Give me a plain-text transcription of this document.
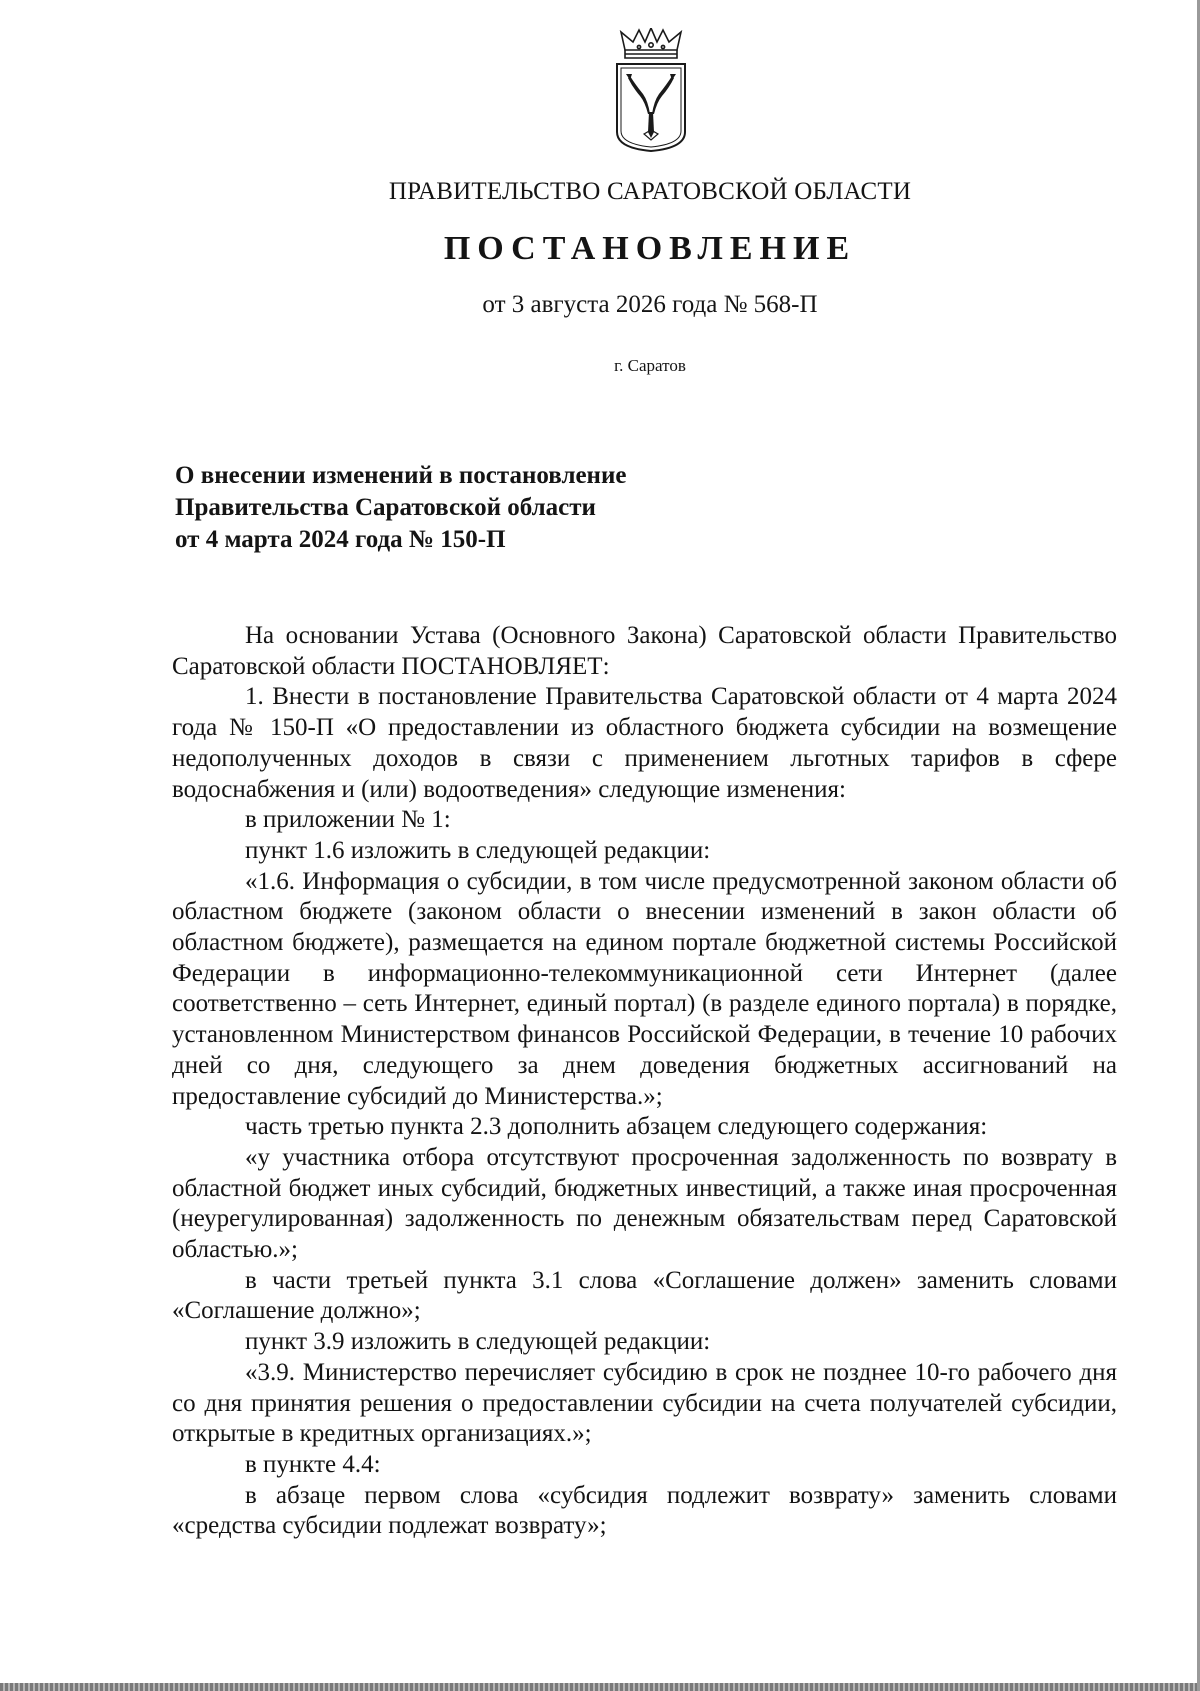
ПРАВИТЕЛЬСТВО САРАТОВСКОЙ ОБЛАСТИ
ПОСТАНОВЛЕНИЕ
от 3 августа 2026 года № 568-П
г. Саратов
О внесении изменений в постановление
Правительства Саратовской области
от 4 марта 2024 года № 150-П

На основании Устава (Основного Закона) Саратовской области Правительство Саратовской области ПОСТАНОВЛЯЕТ:

1. Внести в постановление Правительства Саратовской области от 4 марта 2024 года № 150-П «О предоставлении из областного бюджета субсидии на возмещение недополученных доходов в связи с применением льготных тарифов в сфере водоснабжения и (или) водоотведения» следующие изменения:

в приложении № 1:

пункт 1.6 изложить в следующей редакции:

«1.6. Информация о субсидии, в том числе предусмотренной законом области об областном бюджете (законом области о внесении изменений в закон области об областном бюджете), размещается на едином портале бюджетной системы Российской Федерации в информационно-телекоммуникационной сети Интернет (далее соответственно – сеть Интернет, единый портал) (в разделе единого портала) в порядке, установленном Министерством финансов Российской Федерации, в течение 10 рабочих дней со дня, следующего за днем доведения бюджетных ассигнований на предоставление субсидий до Министерства.»;

часть третью пункта 2.3 дополнить абзацем следующего содержания:

«у участника отбора отсутствуют просроченная задолженность по возврату в областной бюджет иных субсидий, бюджетных инвестиций, а также иная просроченная (неурегулированная) задолженность по денежным обязательствам перед Саратовской областью.»;

в части третьей пункта 3.1 слова «Соглашение должен» заменить словами «Соглашение должно»;

пункт 3.9 изложить в следующей редакции:

«3.9. Министерство перечисляет субсидию в срок не позднее 10-го рабочего дня со дня принятия решения о предоставлении субсидии на счета получателей субсидии, открытые в кредитных организациях.»;

в пункте 4.4:

в абзаце первом слова «субсидия подлежит возврату» заменить словами «средства субсидии подлежат возврату»;
